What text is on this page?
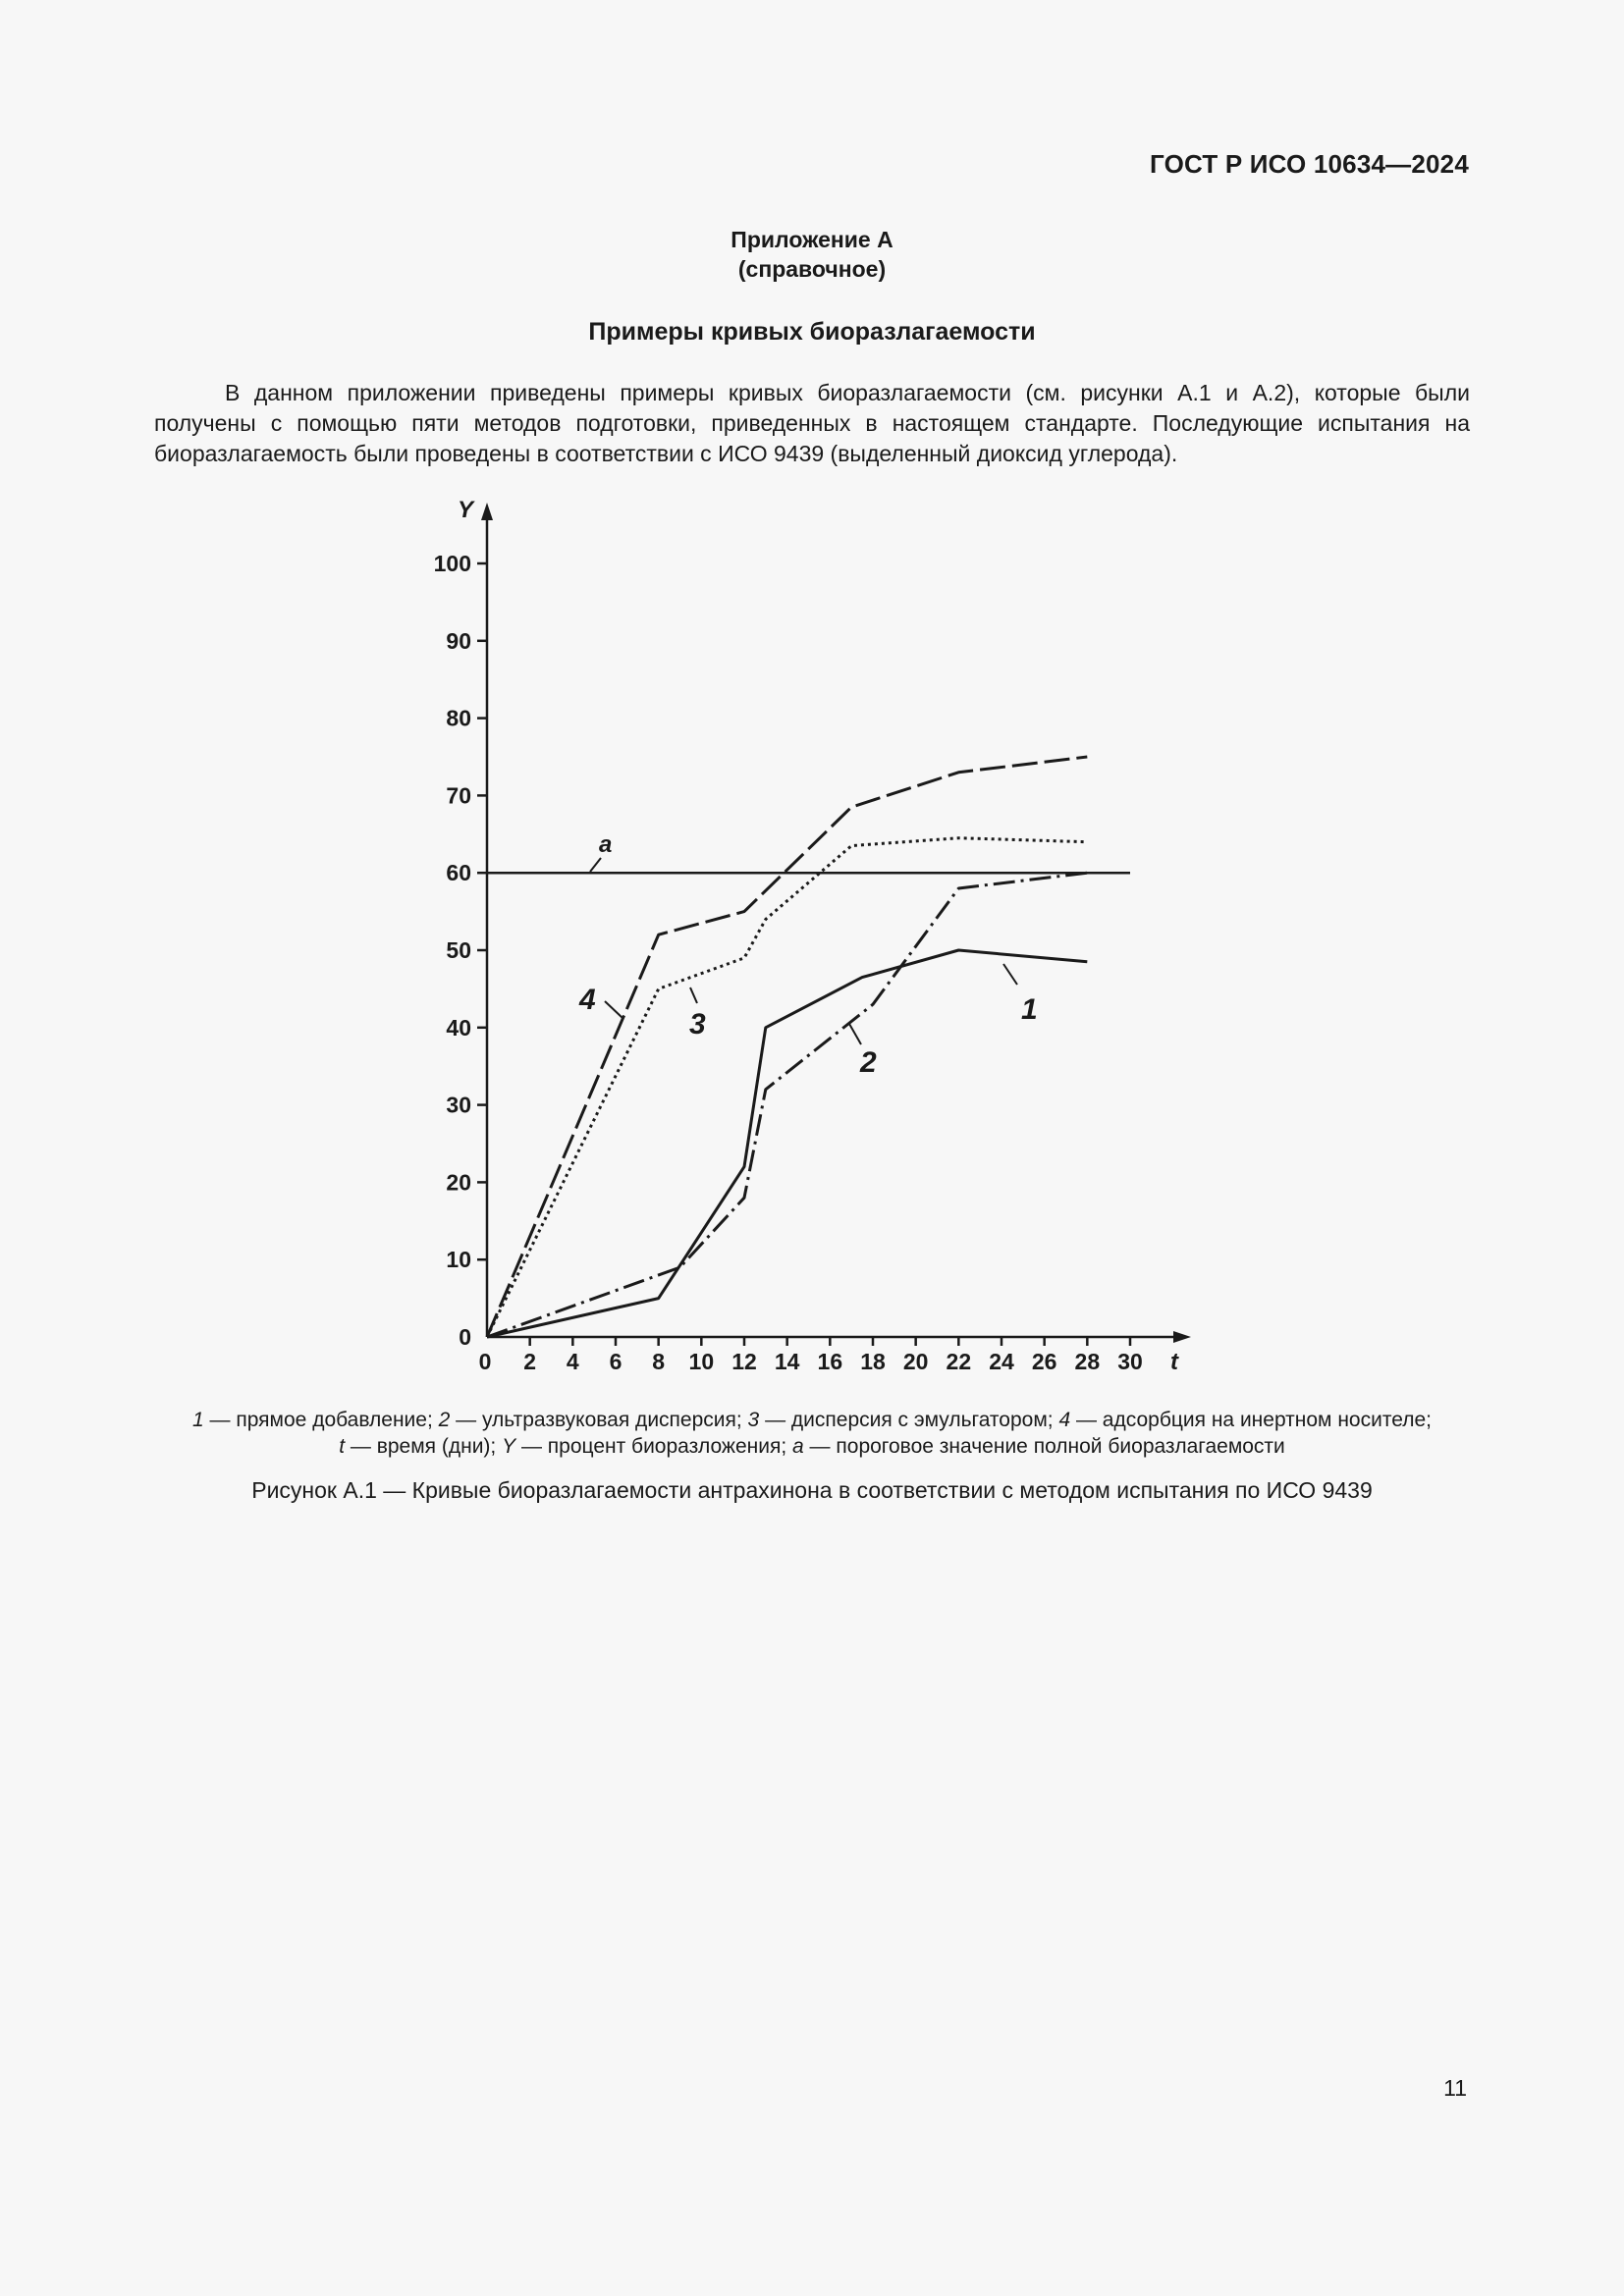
ГОСТ Р ИСО 10634—2024
Приложение А
(справочное)
Примеры кривых биоразлагаемости
В данном приложении приведены примеры кривых биоразлагаемости (см. рисунки А.1 и А.2), которые были получены с помощью пяти методов подготовки, приведенных в настоящем стандарте. Последующие испытания на биоразлагаемость были проведены в соответствии с ИСО 9439 (выделенный диоксид углерода).
Y
t
0
10
20
30
40
50
60
70
80
90
100
0 2 4 6 8 10 12 14 16 18 20 22 24 26 28 30
a
1
2
3
4
1 — прямое добавление; 2 — ультразвуковая дисперсия; 3 — дисперсия с эмульгатором; 4 — адсорбция на инертном носителе;
t — время (дни); Y — процент биоразложения; a — пороговое значение полной биоразлагаемости
Рисунок А.1 — Кривые биоразлагаемости антрахинона в соответствии с методом испытания по ИСО 9439
11
